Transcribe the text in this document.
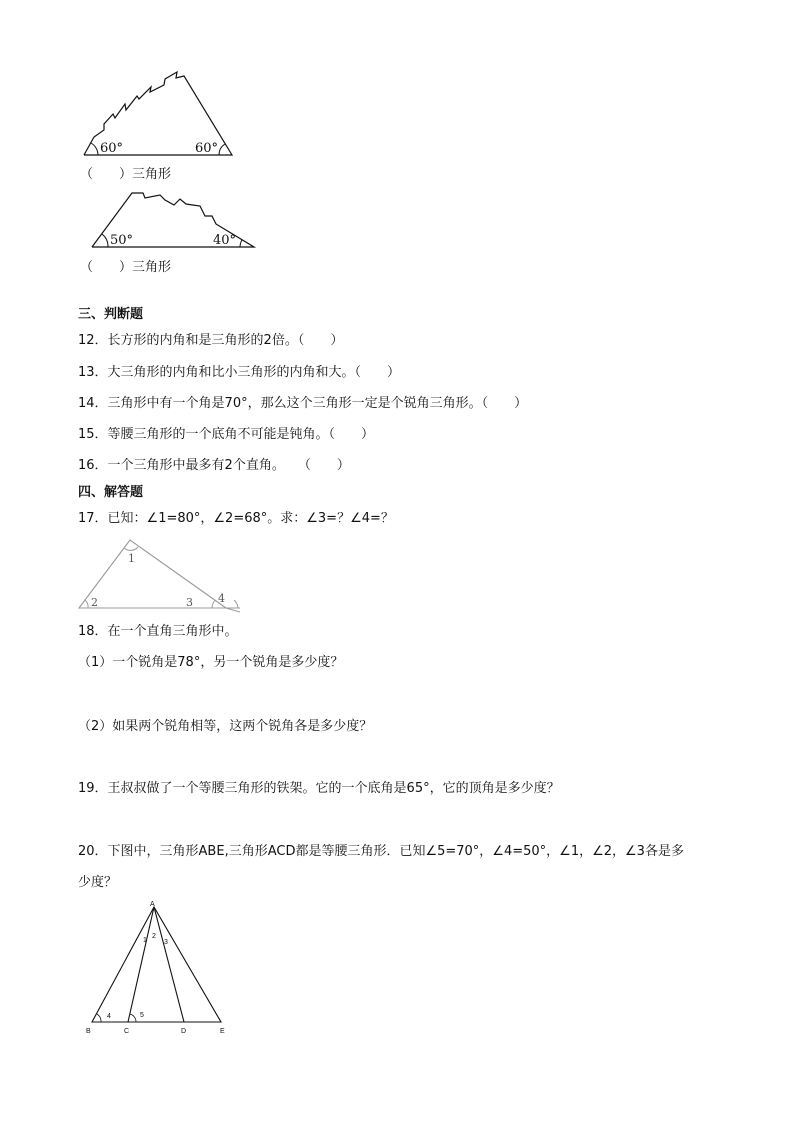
60°	60°
（　　）三角形
50°	40°
（　　）三角形
三、判断题
12．长方形的内角和是三角形的2倍。（　　）
13．大三角形的内角和比小三角形的内角和大。（　　）
14．三角形中有一个角是70°，那么这个三角形一定是个锐角三角形。（　　）
15．等腰三角形的一个底角不可能是钝角。（　　）
16．一个三角形中最多有2个直角。　　（　　）
四、解答题
17．已知：∠1=80°，∠2=68°。求：∠3=？∠4=？
1
2	3 4
18．在一个直角三角形中。
（1）一个锐角是78°，另一个锐角是多少度？
（2）如果两个锐角相等，这两个锐角各是多少度？
19．王叔叔做了一个等腰三角形的铁架。它的一个底角是65°，它的顶角是多少度？
20．下图中，三角形ABE,三角形ACD都是等腰三角形．已知∠5=70°，∠4=50°，∠1，∠2，∠3各是多
少度？
A
B	C	D	E
1
2
3
4	5
